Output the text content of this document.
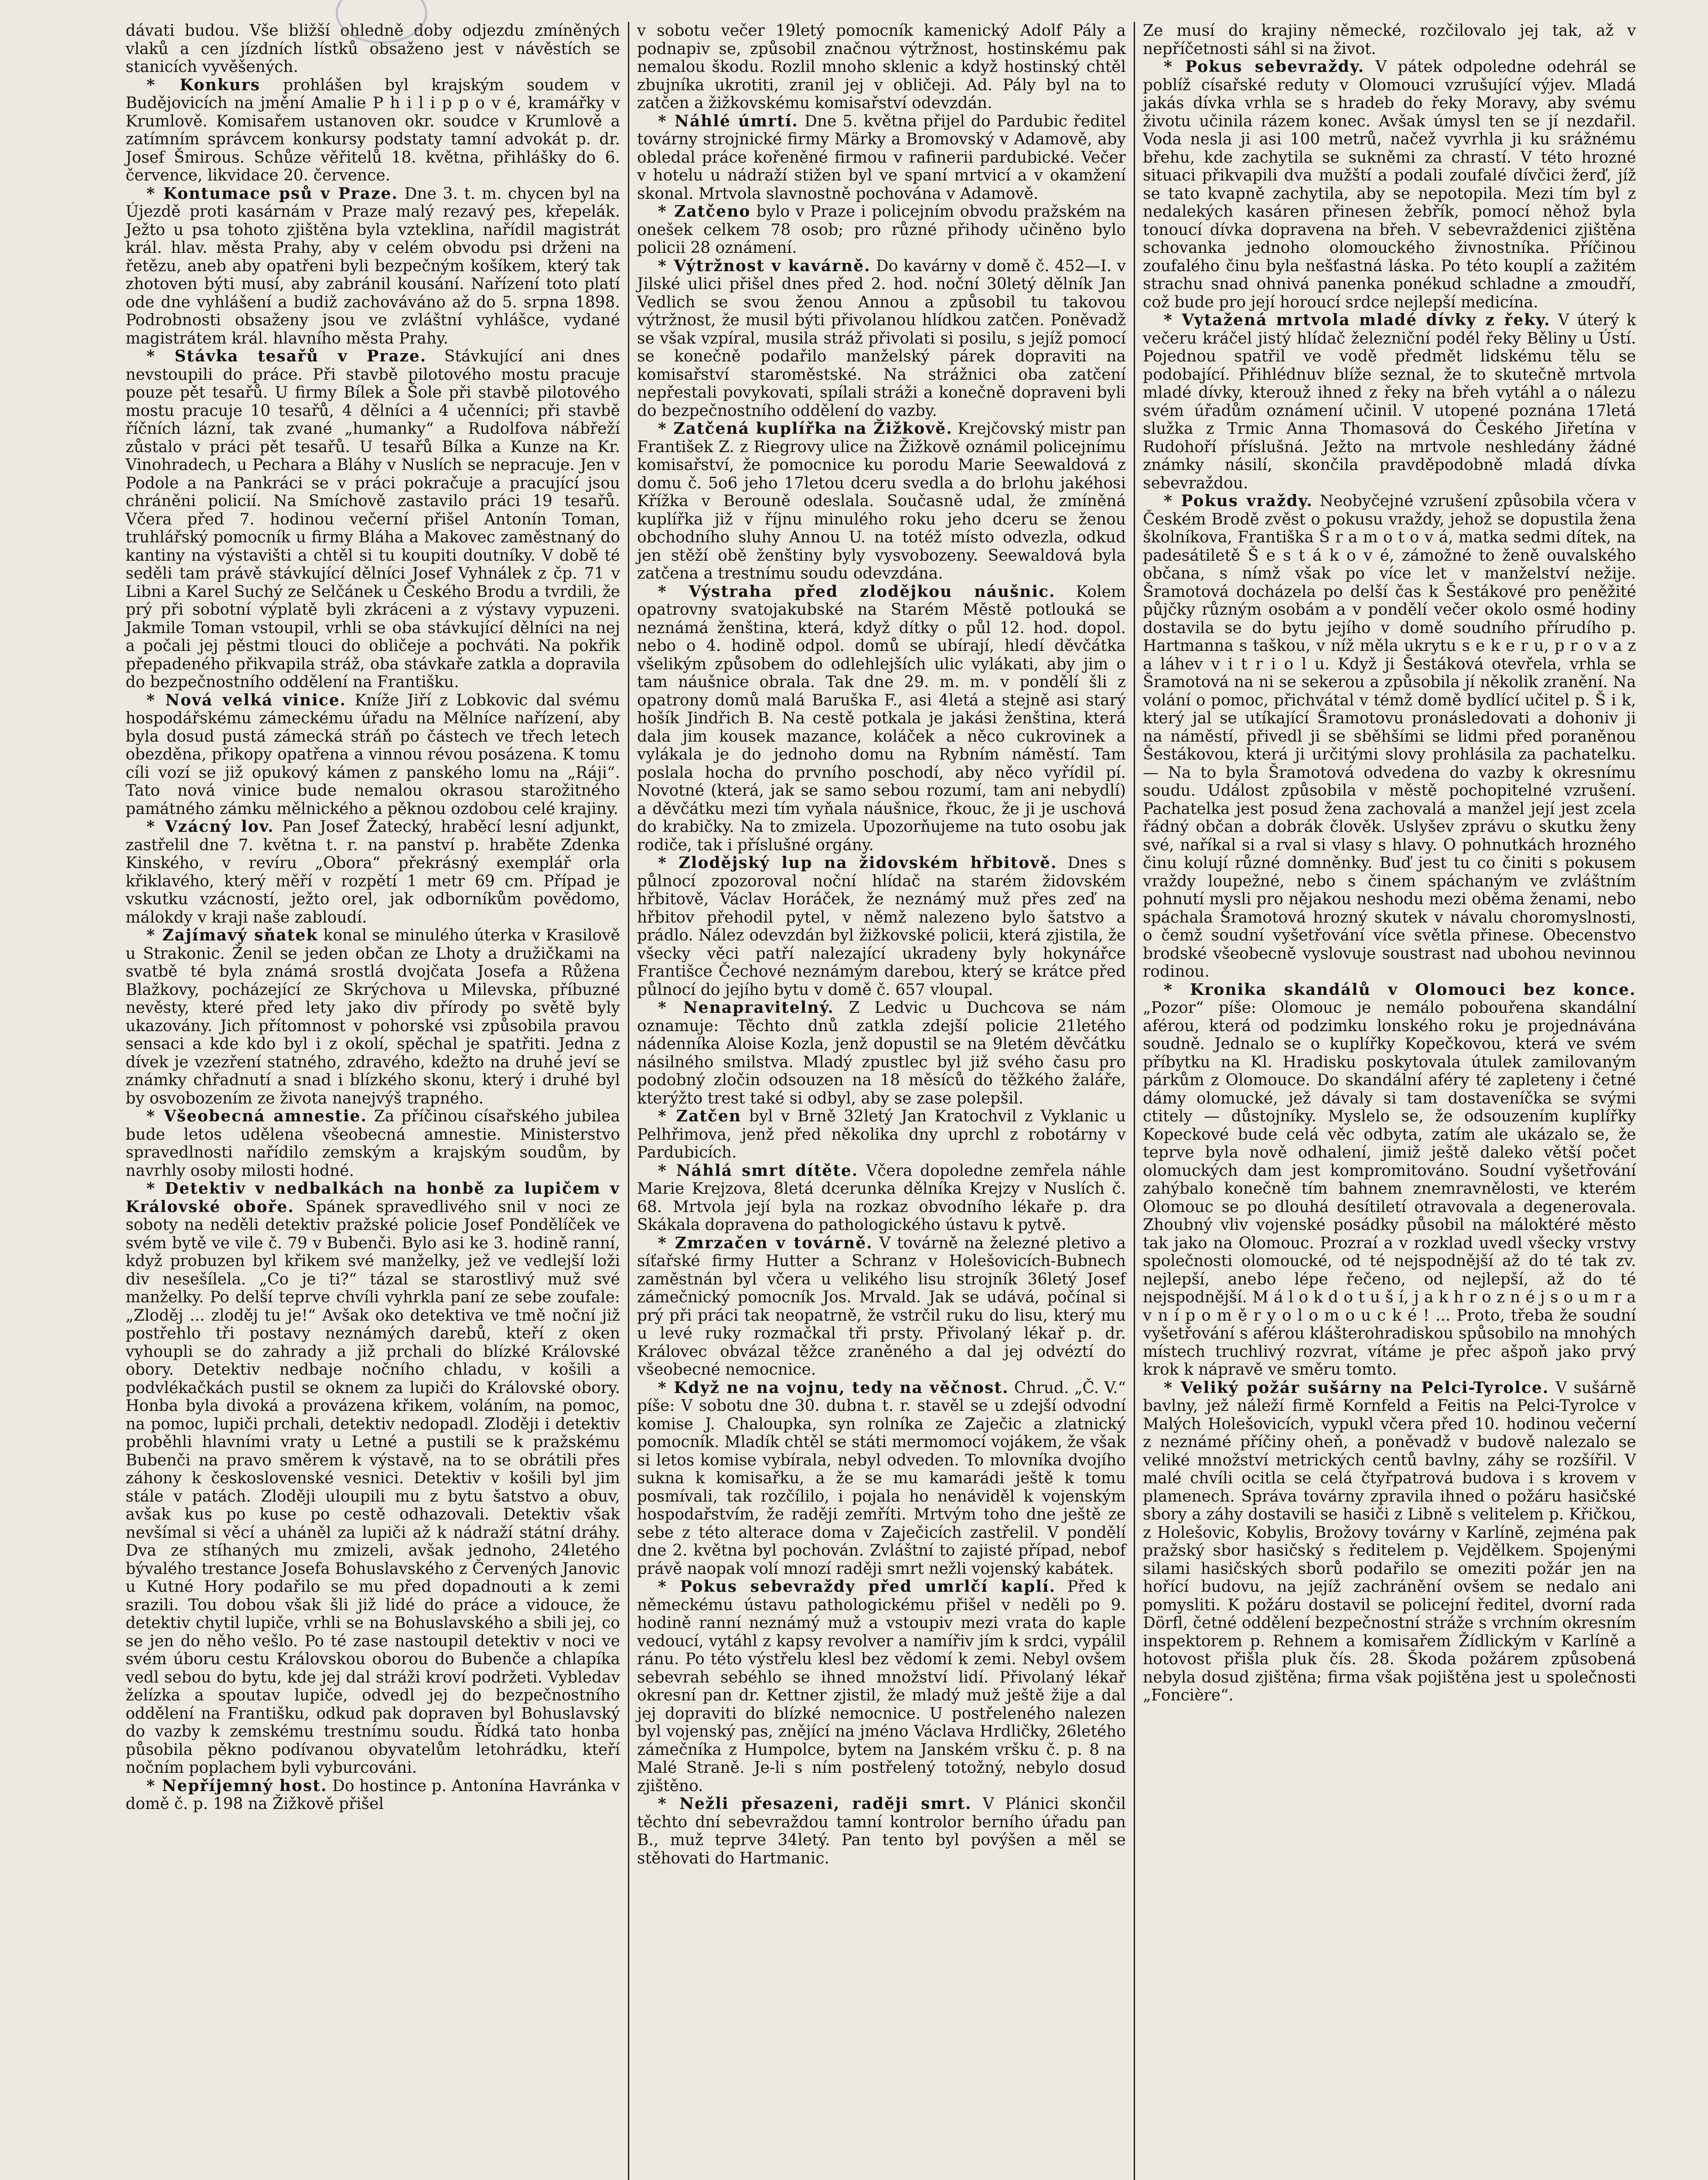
dávati budou. Vše bližší ohledně doby odjezdu zmíněných vlaků a cen jízdních lístků obsaženo jest v návěstích se stanicích vyvěšených.

* Konkurs prohlášen byl krajským soudem v Budějovicích na jmění Amalie P h i l i p p o v é, kramářky v Krumlově. Komisařem ustanoven okr. soudce v Krumlově a zatímním správcem konkursy podstaty tamní advokát p. dr. Josef Šmirous. Schůze věřitelů 18. května, přihlášky do 6. července, likvidace 20. července.

* Kontumace psů v Praze. Dne 3. t. m. chycen byl na Újezdě proti kasárnám v Praze malý rezavý pes, křepelák. Ježto u psa tohoto zjištěna byla vzteklina, nařídil magistrát král. hlav. města Prahy, aby v celém obvodu psi drženi na řetězu, aneb aby opatřeni byli bezpečným košíkem, který tak zhotoven býti musí, aby zabránil kousání. Nařízení toto platí ode dne vyhlášení a budiž zachováváno až do 5. srpna 1898. Podrobnosti obsaženy jsou ve zvláštní vyhlášce, vydané magistrátem král. hlavního města Prahy.

* Stávka tesařů v Praze. Stávkující ani dnes nevstoupili do práce. Při stavbě pilotového mostu pracuje pouze pět tesařů. U firmy Bílek a Šole při stavbě pilotového mostu pracuje 10 tesařů, 4 dělníci a 4 učenníci; při stavbě říčních lázní, tak zvané „humanky“ a Rudolfova nábřeží zůstalo v práci pět tesařů. U tesařů Bílka a Kunze na Kr. Vinohradech, u Pechara a Bláhy v Nuslích se nepracuje. Jen v Podole a na Pankráci se v práci pokračuje a pracující jsou chráněni policií. Na Smíchově zastavilo práci 19 tesařů. Včera před 7. hodinou večerní přišel Antonín Toman, truhlářský pomocník u firmy Bláha a Makovec zaměstnaný do kantiny na výstavišti a chtěl si tu koupiti doutníky. V době té seděli tam právě stávkující dělníci Josef Vyhnálek z čp. 71 v Libni a Karel Suchý ze Selčánek u Českého Brodu a tvrdili, že prý při sobotní výplatě byli zkráceni a z výstavy vypuzeni. Jakmile Toman vstoupil, vrhli se oba stávkující dělníci na nej a počali jej pěstmi tlouci do obličeje a pochváti. Na pokřik přepadeného přikvapila stráž, oba stávkaře zatkla a dopravila do bezpečnostního oddělení na Františku.

* Nová velká vinice. Kníže Jiří z Lobkovic dal svému hospodářskému zámeckému úřadu na Mělníce nařízení, aby byla dosud pustá zámecká stráň po částech ve třech letech obezděna, přikopy opatřena a vinnou révou posázena. K tomu cíli vozí se již opukový kámen z panského lomu na „Ráji“. Tato nová vinice bude nemalou okrasou starožitného památného zámku mělnického a pěknou ozdobou celé krajiny.

* Vzácný lov. Pan Josef Žatecký, hraběcí lesní adjunkt, zastřelil dne 7. května t. r. na panství p. hraběte Zdenka Kinského, v revíru „Obora“ překrásný exemplář orla křiklavého, který měří v rozpětí 1 metr 69 cm. Případ je vskutku vzácností, ježto orel, jak odborníkům povědomo, málokdy v kraji naše zabloudí.

* Zajímavý sňatek konal se minulého úterka v Krasilově u Strakonic. Ženil se jeden občan ze Lhoty a družičkami na svatbě té byla známá srostlá dvojčata Josefa a Růžena Blažkovy, pocházející ze Skrýchova u Milevska, příbuzné nevěsty, které před lety jako div přírody po světě byly ukazovány. Jich přítomnost v pohorské vsi způsobila pravou sensaci a kde kdo byl i z okolí, spěchal je spatřiti. Jedna z dívek je vzezření statného, zdravého, kdežto na druhé jeví se známky chřadnutí a snad i blízkého skonu, který i druhé byl by osvobozením ze života nanejvýš trapného.

* Všeobecná amnestie. Za příčinou císařského jubilea bude letos udělena všeobecná amnestie. Ministerstvo spravedlnosti nařídilo zemským a krajským soudům, by navrhly osoby milosti hodné.

* Detektiv v nedbalkách na honbě za lupičem v Královské oboře. Spánek spravedlivého snil v noci ze soboty na neděli detektiv pražské policie Josef Pondělíček ve svém bytě ve vile č. 79 v Bubenči. Bylo asi ke 3. hodině ranní, když probuzen byl křikem své manželky, jež ve vedlejší loži div nesešílela. „Co je ti?“ tázal se starostlivý muž své manželky. Po delší teprve chvíli vyhrkla paní ze sebe zoufale: „Zloděj ... zloděj tu je!“ Avšak oko detektiva ve tmě noční již postřehlo tři postavy neznámých darebů, kteří z oken vyhoupli se do zahrady a již prchali do blízké Královské obory. Detektiv nedbaje nočního chladu, v košili a podvlékačkách pustil se oknem za lupiči do Královské obory. Honba byla divoká a provázena křikem, voláním, na pomoc, na pomoc, lupiči prchali, detektiv nedopadl. Zloději i detektiv proběhli hlavními vraty u Letné a pustili se k pražskému Bubenči na pravo směrem k výstavě, na to se obrátili přes záhony k československé vesnici. Detektiv v košili byl jim stále v patách. Zloději uloupili mu z bytu šatstvo a obuv, avšak kus po kuse po cestě odhazovali. Detektiv však nevšímal si věcí a uháněl za lupiči až k nádraží státní dráhy. Dva ze stíhaných mu zmizeli, avšak jednoho, 24letého bývalého trestance Josefa Bohuslavského z Červených Janovic u Kutné Hory podařilo se mu před dopadnouti a k zemi srazili. Tou dobou však šli již lidé do práce a vidouce, že detektiv chytil lupiče, vrhli se na Bohuslavského a sbili jej, co se jen do něho vešlo. Po té zase nastoupil detektiv v noci ve svém úboru cestu Královskou oborou do Bubenče a chlapíka vedl sebou do bytu, kde jej dal stráži kroví podržeti. Vybledav želízka a spoutav lupiče, odvedl jej do bezpečnostního oddělení na Františku, odkud pak dopraven byl Bohuslavský do vazby k zemskému trestnímu soudu. Řídká tato honba působila pěkno podívanou obyvatelům letohrádku, kteří nočním poplachem byli vyburcováni.

* Nepříjemný host. Do hostince p. Antonína Havránka v domě č. p. 198 na Žižkově přišel

v sobotu večer 19letý pomocník kamenický Adolf Pály a podnapiv se, způsobil značnou výtržnost, hostinskému pak nemalou škodu. Rozlil mnoho sklenic a když hostinský chtěl zbujníka ukrotiti, zranil jej v obličeji. Ad. Pály byl na to zatčen a žižkovskému komisařství odevzdán.

* Náhlé úmrtí. Dne 5. května přijel do Pardubic ředitel továrny strojnické firmy Märky a Bromovský v Adamově, aby obledal práce kořeněné firmou v rafinerii pardubické. Večer v hotelu u nádraží stižen byl ve spaní mrtvicí a v okamžení skonal. Mrtvola slavnostně pochována v Adamově.

* Zatčeno bylo v Praze i policejním obvodu pražském na onešek celkem 78 osob; pro různé přihody učiněno bylo policii 28 oznámení.

* Výtržnost v kavárně. Do kavárny v domě č. 452—I. v Jilské ulici přišel dnes před 2. hod. noční 30letý dělník Jan Vedlich se svou ženou Annou a způsobil tu takovou výtržnost, že musil býti přivolanou hlídkou zatčen. Poněvadž se však vzpíral, musila stráž přivolati si posilu, s jejíž pomocí se konečně podařilo manželský párek dopraviti na komisařství staroměstské. Na strážnici oba zatčení nepřestali povykovati, spílali stráži a konečně dopraveni byli do bezpečnostního oddělení do vazby.

* Zatčená kuplířka na Žižkově. Krejčovský mistr pan František Z. z Riegrovy ulice na Žižkově oznámil policejnímu komisařství, že pomocnice ku porodu Marie Seewaldová z domu č. 5o6 jeho 17letou dceru svedla a do brlohu jakéhosi Křížka v Berouně odeslala. Současně udal, že zmíněná kuplířka již v říjnu minulého roku jeho dceru se ženou obchodního sluhy Annou U. na totéž místo odvezla, odkud jen stěží obě ženštiny byly vysvobozeny. Seewaldová byla zatčena a trestnímu soudu odevzdána.

* Výstraha před zlodějkou náušnic. Kolem opatrovny svatojakubské na Starém Městě potlouká se neznámá ženština, která, když dítky o půl 12. hod. dopol. nebo o 4. hodině odpol. domů se ubírají, hledí děvčátka všelikým způsobem do odlehlejších ulic vylákati, aby jim o tam náušnice obrala. Tak dne 29. m. m. v pondělí šli z opatrony domů malá Baruška F., asi 4letá a stejně asi starý hošík Jindřich B. Na cestě potkala je jakási ženština, která dala jim kousek mazance, koláček a něco cukrovinek a vylákala je do jednoho domu na Rybním náměstí. Tam poslala hocha do prvního poschodí, aby něco vyřídil pí. Novotné (která, jak se samo sebou rozumí, tam ani nebydlí) a děvčátku mezi tím vyňala náušnice, řkouc, že ji je uschová do krabičky. Na to zmizela. Upozorňujeme na tuto osobu jak rodiče, tak i příslušné orgány.

* Zlodějský lup na židovském hřbitově. Dnes s půlnocí zpozoroval noční hlídač na starém židovském hřbitově, Václav Horáček, že neznámý muž přes zeď na hřbitov přehodil pytel, v němž nalezeno bylo šatstvo a prádlo. Nález odevzdán byl žižkovské policii, která zjistila, že všecky věci patří nalezající ukradeny byly hokynářce Františce Čechové neznámým darebou, který se krátce před půlnocí do jejího bytu v domě č. 657 vloupal.

* Nenapravitelný. Z Ledvic u Duchcova se nám oznamuje: Těchto dnů zatkla zdejší policie 21letého nádenníka Aloise Kozla, jenž dopustil se na 9letém děvčátku násilného smilstva. Mladý zpustlec byl již svého času pro podobný zločin odsouzen na 18 měsíců do těžkého žaláře, kterýžto trest také si odbyl, aby se zase polepšil.

* Zatčen byl v Brně 32letý Jan Kratochvil z Vyklanic u Pelhřimova, jenž před několika dny uprchl z robotárny v Pardubicích.

* Náhlá smrt dítěte. Včera dopoledne zemřela náhle Marie Krejzova, 8letá dcerunka dělníka Krejzy v Nuslích č. 68. Mrtvola její byla na rozkaz obvodního lékaře p. dra Skákala dopravena do pathologického ústavu k pytvě.

* Zmrzačen v továrně. V továrně na železné pletivo a síťařské firmy Hutter a Schranz v Holešovicích-Bubnech zaměstnán byl včera u velikého lisu strojník 36letý Josef zámečnický pomocník Jos. Mrvald. Jak se udává, počínal si prý při práci tak neopatrně, že vstrčil ruku do lisu, který mu u levé ruky rozmačkal tři prsty. Přivolaný lékař p. dr. Královec obvázal těžce zraněného a dal jej odvéztí do všeobecné nemocnice.

* Když ne na vojnu, tedy na věčnost. Chrud. „Č. V.“ píše: V sobotu dne 30. dubna t. r. stavěl se u zdejší odvodní komise J. Chaloupka, syn rolníka ze Zaječic a zlatnický pomocník. Mladík chtěl se státi mermomocí vojákem, že však si letos komise vybírala, nebyl odveden. To mlovníka dvojího sukna k komisařku, a že se mu kamarádi ještě k tomu posmívali, tak rozčílilo, i pojala ho nenáviděl k vojenským hospodařstvím, že raději zemříti. Mrtvým toho dne ještě ze sebe z této alterace doma v Zaječicích zastřelil. V pondělí dne 2. května byl pochován. Zvláštní to zajisté případ, nebof právě naopak volí mnozí raději smrt nežli vojenský kabátek.

* Pokus sebevraždy před umrlčí kaplí. Před k německému ústavu pathologickému přišel v neděli po 9. hodině ranní neznámý muž a vstoupiv mezi vrata do kaple vedoucí, vytáhl z kapsy revolver a namířiv jím k srdci, vypálil ránu. Po této výstřelu klesl bez vědomí k zemi. Nebyl ovšem sebevrah sebéhlo se ihned množství lidí. Přivolaný lékař okresní pan dr. Kettner zjistil, že mladý muž ještě žije a dal jej dopraviti do blízké nemocnice. U postřeleného nalezen byl vojenský pas, znějící na jméno Václava Hrdličky, 26letého zámečníka z Humpolce, bytem na Janském vršku č. p. 8 na Malé Straně. Je-li s ním postřelený totožný, nebylo dosud zjištěno.

* Nežli přesazeni, raději smrt. V Plánici skončil těchto dní sebevraždou tamní kontrolor berního úřadu pan B., muž teprve 34letý. Pan tento byl povýšen a měl se stěhovati do Hartmanic.

Ze musí do krajiny německé, rozčilovalo jej tak, až v nepříčetnosti sáhl si na život.

* Pokus sebevraždy. V pátek odpoledne odehrál se poblíž císařské reduty v Olomouci vzrušující výjev. Mladá jakás dívka vrhla se s hradeb do řeky Moravy, aby svému životu učinila rázem konec. Avšak úmysl ten se jí nezdařil. Voda nesla ji asi 100 metrů, načež vyvrhla ji ku srážnému břehu, kde zachytila se sukněmi za chrastí. V této hrozné situaci přikvapili dva mužští a podali zoufalé dívčici žerď, jíž se tato kvapně zachytila, aby se nepotopila. Mezi tím byl z nedalekých kasáren přinesen žebřík, pomocí něhož byla tonoucí dívka dopravena na břeh. V sebevraždenici zjištěna schovanka jednoho olomouckého živnostníka. Příčinou zoufalého činu byla nešťastná láska. Po této kouplí a zažitém strachu snad ohnivá panenka ponékud schladne a zmoudří, což bude pro její horoucí srdce nejlepší medicína.

* Vytažená mrtvola mladé dívky z řeky. V úterý k večeru kráčel jistý hlídač železniční podél řeky Běliny u Ústí. Pojednou spatřil ve vodě předmět lidskému tělu se podobající. Přihlédnuv blíže seznal, že to skutečně mrtvola mladé dívky, kterouž ihned z řeky na břeh vytáhl a o nálezu svém úřadům oznámení učinil. V utopené poznána 17letá služka z Trmic Anna Thomasová do Českého Jiřetína v Rudohoří příslušná. Ježto na mrtvole neshledány žádné známky násilí, skončila pravděpodobně mladá dívka sebevraždou.

* Pokus vraždy. Neobyčejné vzrušení způsobila včera v Českém Brodě zvěst o pokusu vraždy, jehož se dopustila žena školníkova, Františka Š r a m o t o v á, matka sedmi dítek, na padesátiletě Š e s t á k o v é, zámožné to ženě ouvalského občana, s nímž však po více let v manželství nežije. Šramotová docházela po delší čas k Šestákové pro peněžité půjčky různým osobám a v pondělí večer okolo osmé hodiny dostavila se do bytu jejího v domě soudního přírudího p. Hartmanna s taškou, v níž měla ukrytu s e k e r u, p r o v a z a láhev v i t r i o l u. Když ji Šestáková otevřela, vrhla se Šramotová na ni se sekerou a způsobila jí několik zranění. Na volání o pomoc, přichvátal v témž domě bydlící učitel p. Š i k, který jal se utíkající Šramotovu pronásledovati a dohoniv ji na náměstí, přivedl ji se sběhšími se lidmi před poraněnou Šestákovou, která ji určitými slovy prohlásila za pachatelku. — Na to byla Šramotová odvedena do vazby k okresnímu soudu. Událost způsobila v městě pochopitelné vzrušení. Pachatelka jest posud žena zachovalá a manžel její jest zcela řádný občan a dobrák člověk. Uslyšev zprávu o skutku ženy své, naříkal si a rval si vlasy s hlavy. O pohnutkách hrozného činu kolují různé domněnky. Buď jest tu co činiti s pokusem vraždy loupežné, nebo s činem spáchaným ve zvláštním pohnutí mysli pro nějakou neshodu mezi oběma ženami, nebo spáchala Šramotová hrozný skutek v návalu choromyslnosti, o čemž soudní vyšetřování více světla přinese. Obecenstvo brodské všeobecně vyslovuje soustrast nad ubohou nevinnou rodinou.

* Kronika skandálů v Olomouci bez konce. „Pozor“ píše: Olomouc je nemálo pobouřena skandální aférou, která od podzimku lonského roku je projednávána soudně. Jednalo se o kuplířky Kopečkovou, která ve svém příbytku na Kl. Hradisku poskytovala útulek zamilovaným párkům z Olomouce. Do skandální aféry té zapleteny i četné dámy olomucké, jež dávaly si tam dostaveníčka se svými ctitely — důstojníky. Myslelo se, že odsouzením kuplířky Kopeckové bude celá věc odbyta, zatím ale ukázalo se, že teprve byla nově odhalení, jimiž ještě daleko větší počet olomuckých dam jest kompromitováno. Soudní vyšetřování zahýbalo konečně tím bahnem znemravnělosti, ve kterém Olomouc se po dlouhá desítiletí otravovala a degenerovala. Zhoubný vliv vojenské posádky působil na máloktéré město tak jako na Olomouc. Prozraí a v rozklad uvedl všecky vrstvy společnosti olomoucké, od té nejspodnější až do té tak zv. nejlepší, anebo lépe řečeno, od nejlepší, až do té nejspodnější. M á l o k d o t u š í, j a k h r o z n é j s o u m r a v n í p o m ě r y o l o m o u c k é ! ... Proto, třeba že soudní vyšetřování s aférou klášterohradiskou spůsobilo na mnohých místech truchlivý rozvrat, vítáme je přec ašpoň jako prvý krok k nápravě ve směru tomto.

* Veliký požár sušárny na Pelci-Tyrolce. V sušárně bavlny, jež náleží firmě Kornfeld a Feitis na Pelci-Tyrolce v Malých Holešovicích, vypukl včera před 10. hodinou večerní z neznámé příčiny oheň, a poněvadž v budově nalezalo se veliké množství metrických centů bavlny, záhy se rozšířil. V malé chvíli ocitla se celá čtyřpatrová budova i s krovem v plamenech. Správa továrny zpravila ihned o požáru hasičské sbory a záhy dostavili se hasiči z Libně s velitelem p. Křičkou, z Holešovic, Kobylis, Brožovy továrny v Karlíně, zejména pak pražský sbor hasičský s ředitelem p. Vejdělkem. Spojenými silami hasičských sborů podařilo se omeziti požár jen na hořící budovu, na jejíž zachránění ovšem se nedalo ani pomysliti. K požáru dostavil se policejní ředitel, dvorní rada Dörfl, četné oddělení bezpečnostní stráže s vrchním okresním inspektorem p. Rehnem a komisařem Žídlickým v Karlíně a hotovost přišla pluk čís. 28. Škoda požárem způsobená nebyla dosud zjištěna; firma však pojištěna jest u společnosti „Foncière“.
